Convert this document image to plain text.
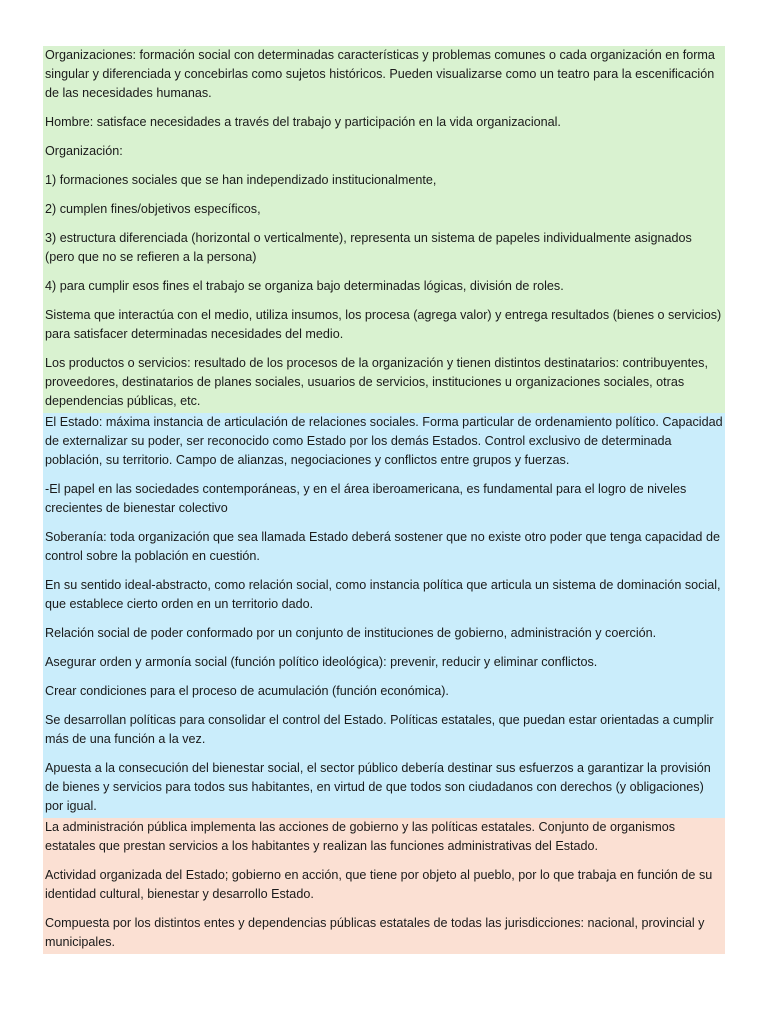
Organizaciones: formación social con determinadas características y problemas comunes o cada organización en forma singular y diferenciada y concebirlas como sujetos históricos. Pueden visualizarse como un teatro para la escenificación de las necesidades humanas.

Hombre: satisface necesidades a través del trabajo y participación en la vida organizacional.

Organización:

1) formaciones sociales que se han independizado institucionalmente,

2) cumplen fines/objetivos específicos,

3) estructura diferenciada (horizontal o verticalmente), representa un sistema de papeles individualmente asignados (pero que no se refieren a la persona)

4) para cumplir esos fines el trabajo se organiza bajo determinadas lógicas, división de roles.

Sistema que interactúa con el medio, utiliza insumos, los procesa (agrega valor) y entrega resultados (bienes o servicios) para satisfacer determinadas necesidades del medio.

Los productos o servicios: resultado de los procesos de la organización y tienen distintos destinatarios: contribuyentes, proveedores, destinatarios de planes sociales, usuarios de servicios, instituciones u organizaciones sociales, otras dependencias públicas, etc.

El Estado: máxima instancia de articulación de relaciones sociales. Forma particular de ordenamiento político. Capacidad de externalizar su poder, ser reconocido como Estado por los demás Estados. Control exclusivo de determinada población, su territorio. Campo de alianzas, negociaciones y conflictos entre grupos y fuerzas.

-El papel en las sociedades contemporáneas, y en el área iberoamericana, es fundamental para el logro de niveles crecientes de bienestar colectivo

Soberanía: toda organización que sea llamada Estado deberá sostener que no existe otro poder que tenga capacidad de control sobre la población en cuestión.

En su sentido ideal-abstracto, como relación social, como instancia política que articula un sistema de dominación social, que establece cierto orden en un territorio dado.

Relación social de poder conformado por un conjunto de instituciones de gobierno, administración y coerción.

Asegurar orden y armonía social (función político ideológica): prevenir, reducir y eliminar conflictos.

Crear condiciones para el proceso de acumulación (función económica).

Se desarrollan políticas para consolidar el control del Estado. Políticas estatales, que puedan estar orientadas a cumplir más de una función a la vez.

Apuesta a la consecución del bienestar social, el sector público debería destinar sus esfuerzos a garantizar la provisión de bienes y servicios para todos sus habitantes, en virtud de que todos son ciudadanos con derechos (y obligaciones) por igual.

La administración pública implementa las acciones de gobierno y las políticas estatales. Conjunto de organismos estatales que prestan servicios a los habitantes y realizan las funciones administrativas del Estado.

Actividad organizada del Estado; gobierno en acción, que tiene por objeto al pueblo, por lo que trabaja en función de su identidad cultural, bienestar y desarrollo Estado.

Compuesta por los distintos entes y dependencias públicas estatales de todas las jurisdicciones: nacional, provincial y municipales.
